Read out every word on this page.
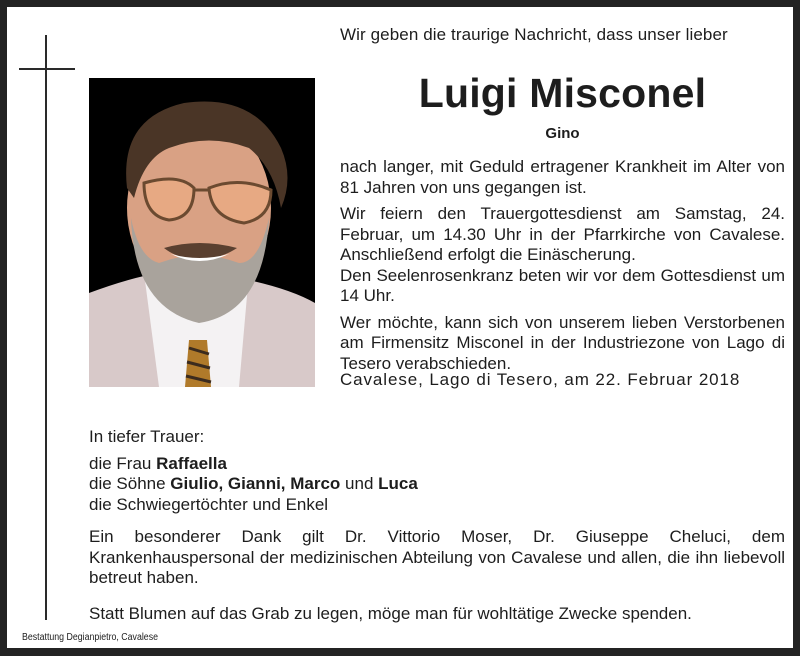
Wir geben die traurige Nachricht, dass unser lieber
Luigi Misconel
Gino

nach langer, mit Geduld ertragener Krankheit im Alter von 81 Jahren von uns gegangen ist.

Wir feiern den Trauergottesdienst am Samstag, 24. Februar, um 14.30 Uhr in der Pfarrkirche von Cavalese. Anschließend erfolgt die Einäscherung.

Den Seelenrosenkranz beten wir vor dem Gottesdienst um 14 Uhr.

Wer möchte, kann sich von unserem lieben Verstorbenen am Firmensitz Misconel in der Industriezone von Lago di Tesero verabschieden.

Cavalese, Lago di Tesero, am 22. Februar 2018
In tiefer Trauer:
die Frau Raffaella
die Söhne Giulio, Gianni, Marco und Luca
die Schwiegertöchter und Enkel
Ein besonderer Dank gilt Dr. Vittorio Moser, Dr. Giuseppe Cheluci, dem Krankenhauspersonal der medizinischen Abteilung von Cavalese und allen, die ihn liebevoll betreut haben.
Statt Blumen auf das Grab zu legen, möge man für wohltätige Zwecke spenden.
Bestattung Degianpietro, Cavalese
